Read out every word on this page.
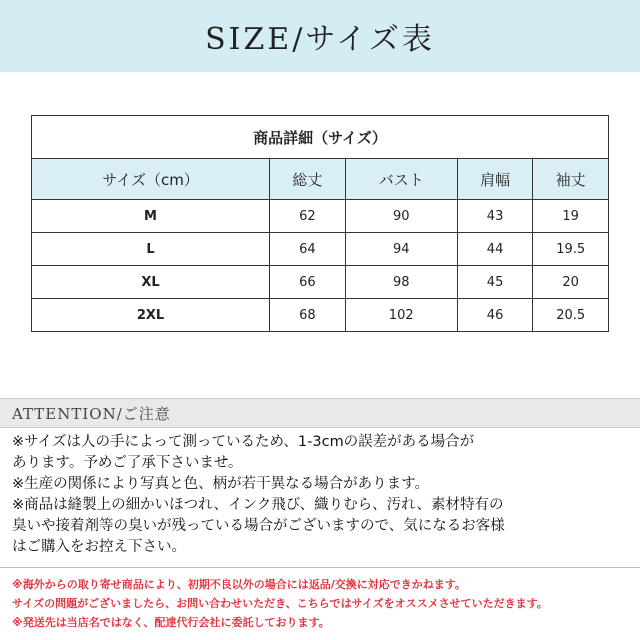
SIZE/サイズ表
商品詳細（サイズ）				
サイズ（cm）	総丈	バスト	肩幅	袖丈
M	62	90	43	19
L	64	94	44	19.5
XL	66	98	45	20
2XL	68	102	46	20.5
ATTENTION/ご注意
※サイズは人の手によって測っているため、1-3cmの誤差がある場合が
あります。予めご了承下さいませ。
※生産の関係により写真と色、柄が若干異なる場合があります。
※商品は縫製上の細かいほつれ、インク飛び、織りむら、汚れ、素材特有の
臭いや接着剤等の臭いが残っている場合がございますので、気になるお客様
はご購入をお控え下さい。
※海外からの取り寄せ商品により、初期不良以外の場合には返品/交換に対応できかねます。
サイズの問題がございましたら、お問い合わせいただき、こちらではサイズをオススメさせていただきます。
※発送先は当店名ではなく、配達代行会社に委託しております。
